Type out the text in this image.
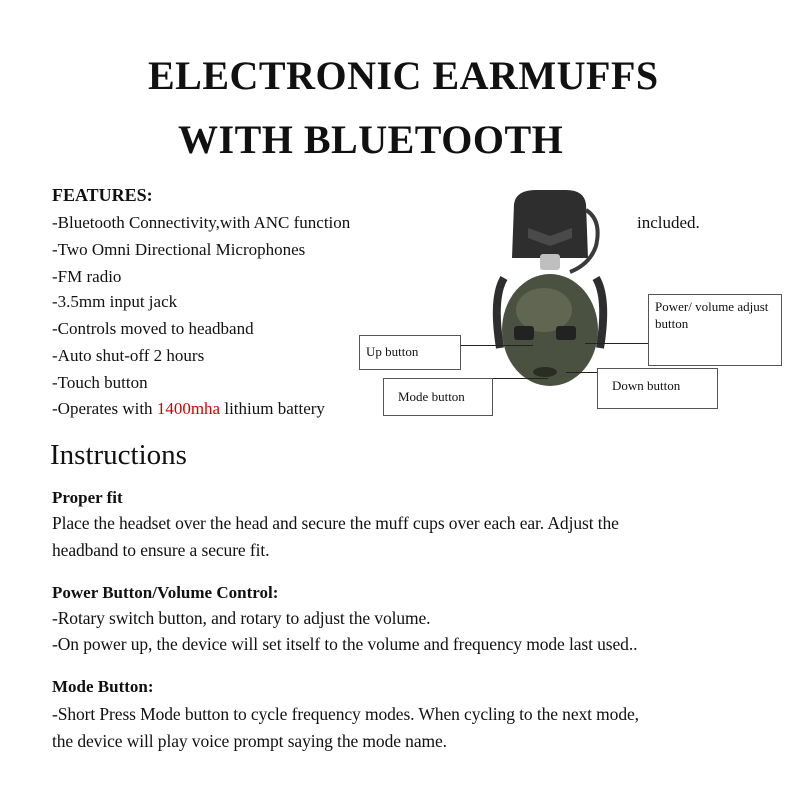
ELECTRONIC EARMUFFS
WITH BLUETOOTH
FEATURES:
-Bluetooth Connectivity,with ANC function
-Two Omni Directional Microphones
-FM radio
-3.5mm input jack
-Controls moved to headband
-Auto shut-off 2 hours
-Touch button
-Operates with 1400mha lithium battery
included.
Power/ volume adjust button
Up button
Mode button
Down button
Instructions
Proper fit
Place the headset over the head and secure the muff cups over each ear. Adjust the
headband to ensure a secure fit.
Power Button/Volume Control:
-Rotary switch button, and rotary to adjust the volume.
-On power up, the device will set itself to the volume and frequency mode last used..
Mode Button:
-Short Press Mode button to cycle frequency modes. When cycling to the next mode,
the device will play voice prompt saying the mode name.
